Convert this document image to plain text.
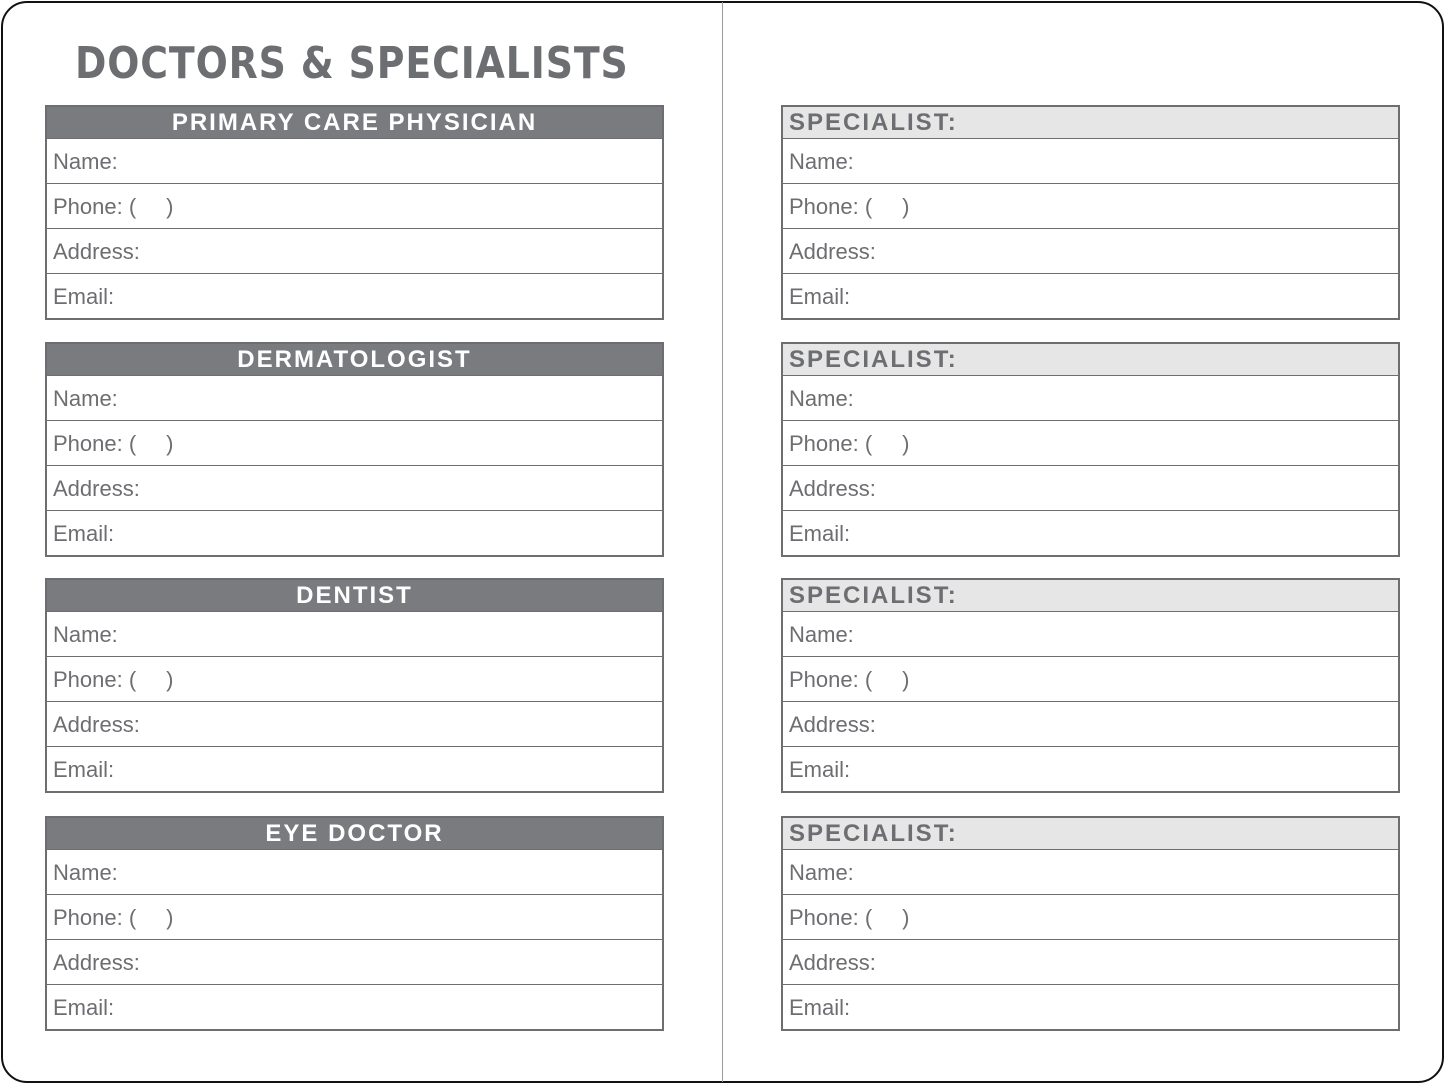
DOCTORS & SPECIALISTS
PRIMARY CARE PHYSICIAN
Name:
Phone: ( )
Address:
Email:
DERMATOLOGIST
Name:
Phone: ( )
Address:
Email:
DENTIST
Name:
Phone: ( )
Address:
Email:
EYE DOCTOR
Name:
Phone: ( )
Address:
Email:
SPECIALIST:
Name:
Phone: ( )
Address:
Email:
SPECIALIST:
Name:
Phone: ( )
Address:
Email:
SPECIALIST:
Name:
Phone: ( )
Address:
Email:
SPECIALIST:
Name:
Phone: ( )
Address:
Email:
